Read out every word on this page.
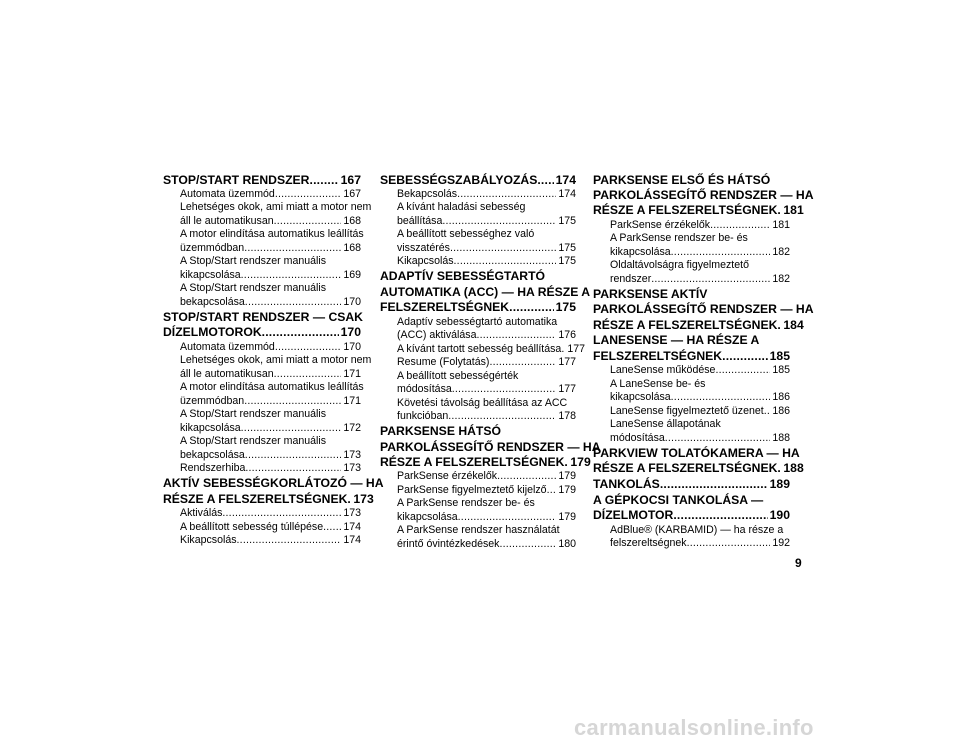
STOP/START RENDSZER .....	167
Automata üzemmód .....	167
Lehetséges okok, ami miatt a motor nem
áll le automatikusan .....	168
A motor elindítása automatikus leállítás
üzemmódban .....	168
A Stop/Start rendszer manuális
kikapcsolása .....	169
A Stop/Start rendszer manuális
bekapcsolása .....	170
STOP/START RENDSZER — CSAK
DÍZELMOTOROK .....	170
Automata üzemmód .....	170
Lehetséges okok, ami miatt a motor nem
áll le automatikusan .....	171
A motor elindítása automatikus leállítás
üzemmódban .....	171
A Stop/Start rendszer manuális
kikapcsolása .....	172
A Stop/Start rendszer manuális
bekapcsolása .....	173
Rendszerhiba .....	173
AKTÍV SEBESSÉGKORLÁTOZÓ — HA
RÉSZE A FELSZERELTSÉGNEK ..... 173
Aktiválás .....	173
A beállított sebesség túllépése ..... 174
Kikapcsolás .....	174
SEBESSÉGSZABÁLYOZÁS ..... 174
Bekapcsolás .....	174
A kívánt haladási sebesség
beállítása .....	175
A beállított sebességhez való
visszatérés .....	175
Kikapcsolás .....	175
ADAPTÍV SEBESSÉGTARTÓ
AUTOMATIKA (ACC) — HA RÉSZE A
FELSZERELTSÉGNEK .....	175
Adaptív sebességtartó automatika
(ACC) aktiválása .....	176
A kívánt tartott sebesség beállítása ..... 177
Resume (Folytatás) .....	177
A beállított sebességérték
módosítása .....	177
Követési távolság beállítása az ACC
funkcióban .....	178
PARKSENSE HÁTSÓ
PARKOLÁSSEGÍTŐ RENDSZER — HA
RÉSZE A FELSZERELTSÉGNEK ..... 179
ParkSense érzékelők .....	179
ParkSense figyelmeztető kijelző ..... 179
A ParkSense rendszer be- és
kikapcsolása .....	179
A ParkSense rendszer használatát
érintő óvintézkedések .....	180
PARKSENSE ELSŐ ÉS HÁTSÓ
PARKOLÁSSEGÍTŐ RENDSZER — HA
RÉSZE A FELSZERELTSÉGNEK ..... 181
ParkSense érzékelők .....	181
A ParkSense rendszer be- és
kikapcsolása .....	182
Oldaltávolságra figyelmeztető
rendszer .....	182
PARKSENSE AKTÍV
PARKOLÁSSEGÍTŐ RENDSZER — HA
RÉSZE A FELSZERELTSÉGNEK ..... 184
LANESENSE — HA RÉSZE A
FELSZERELTSÉGNEK .....	185
LaneSense működése .....	185
A LaneSense be- és
kikapcsolása .....	186
LaneSense figyelmeztető üzenet ..... 186
LaneSense állapotának
módosítása .....	188
PARKVIEW TOLATÓKAMERA — HA
RÉSZE A FELSZERELTSÉGNEK ..... 188
TANKOLÁS .....	189
A GÉPKOCSI TANKOLÁSA —
DÍZELMOTOR .....	190
AdBlue® (KARBAMID) — ha része a
felszereltségnek .....	192
9
carmanualsonline.info
